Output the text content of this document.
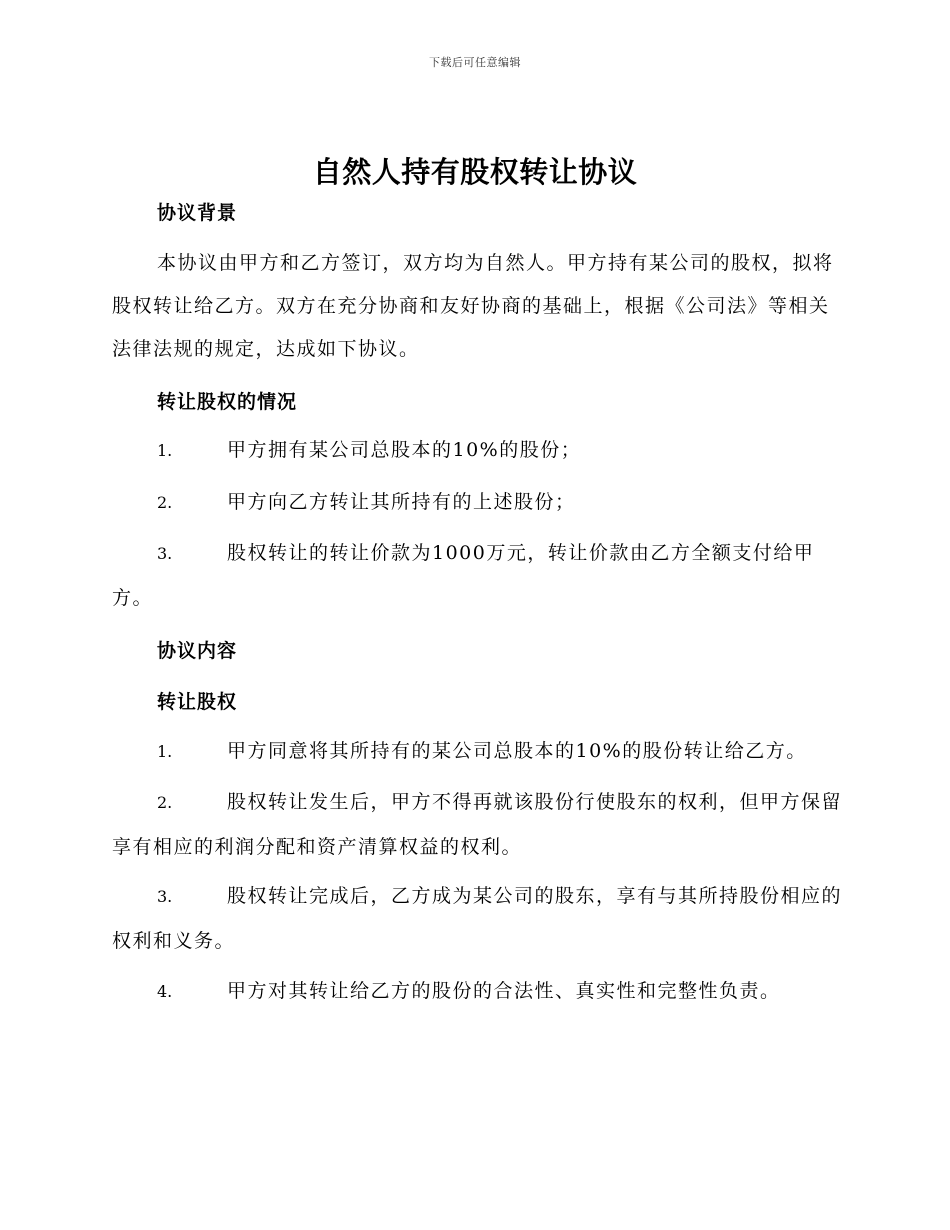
下载后可任意编辑
自然人持有股权转让协议
协议背景
本协议由甲方和乙方签订，双方均为自然人。甲方持有某公司的股权，拟将股权转让给乙方。双方在充分协商和友好协商的基础上，根据《公司法》等相关法律法规的规定，达成如下协议。
转让股权的情况
1.	甲方拥有某公司总股本的10%的股份；
2.	甲方向乙方转让其所持有的上述股份；
3.	股权转让的转让价款为1000万元，转让价款由乙方全额支付给甲方。
协议内容
转让股权
1.	甲方同意将其所持有的某公司总股本的10%的股份转让给乙方。
2.	股权转让发生后，甲方不得再就该股份行使股东的权利，但甲方保留享有相应的利润分配和资产清算权益的权利。
3.	股权转让完成后，乙方成为某公司的股东，享有与其所持股份相应的权利和义务。
4.	甲方对其转让给乙方的股份的合法性、真实性和完整性负责。
